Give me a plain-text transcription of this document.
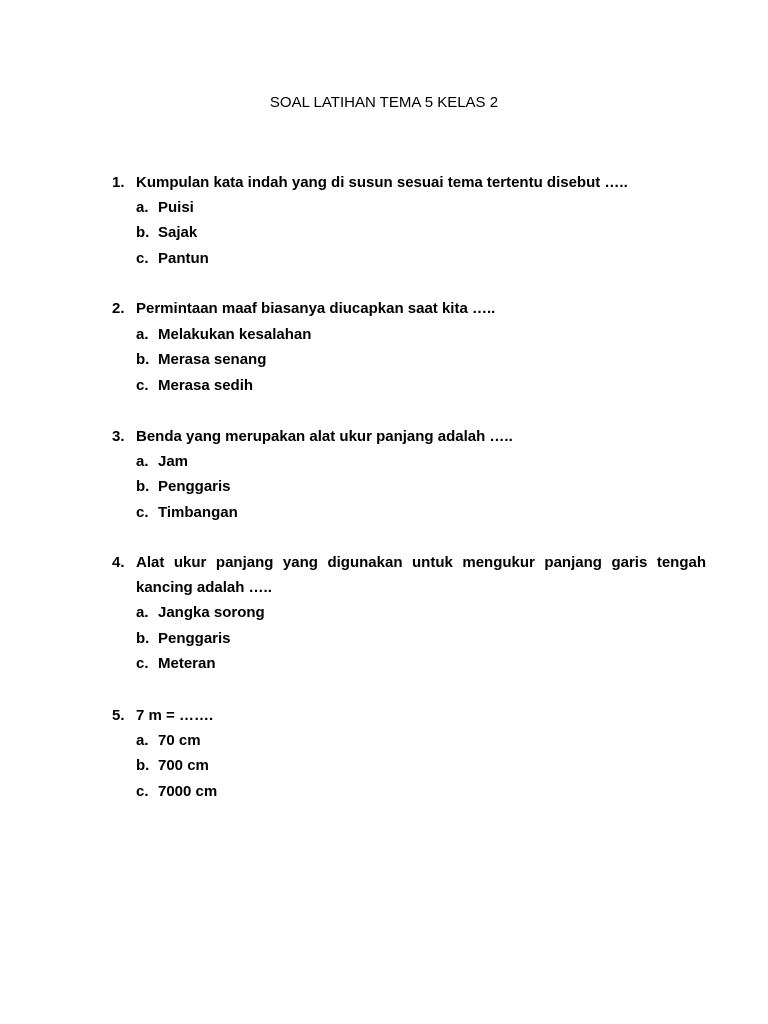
SOAL LATIHAN TEMA 5 KELAS 2
1. Kumpulan kata indah yang di susun sesuai tema tertentu disebut …..
a. Puisi
b. Sajak
c. Pantun
2. Permintaan maaf biasanya diucapkan saat kita …..
a. Melakukan kesalahan
b. Merasa senang
c. Merasa sedih
3. Benda yang merupakan alat ukur panjang adalah …..
a. Jam
b. Penggaris
c. Timbangan
4. Alat ukur panjang yang digunakan untuk mengukur panjang garis tengah kancing adalah …..
a. Jangka sorong
b. Penggaris
c. Meteran
5. 7 m = …….
a. 70 cm
b. 700 cm
c. 7000 cm
